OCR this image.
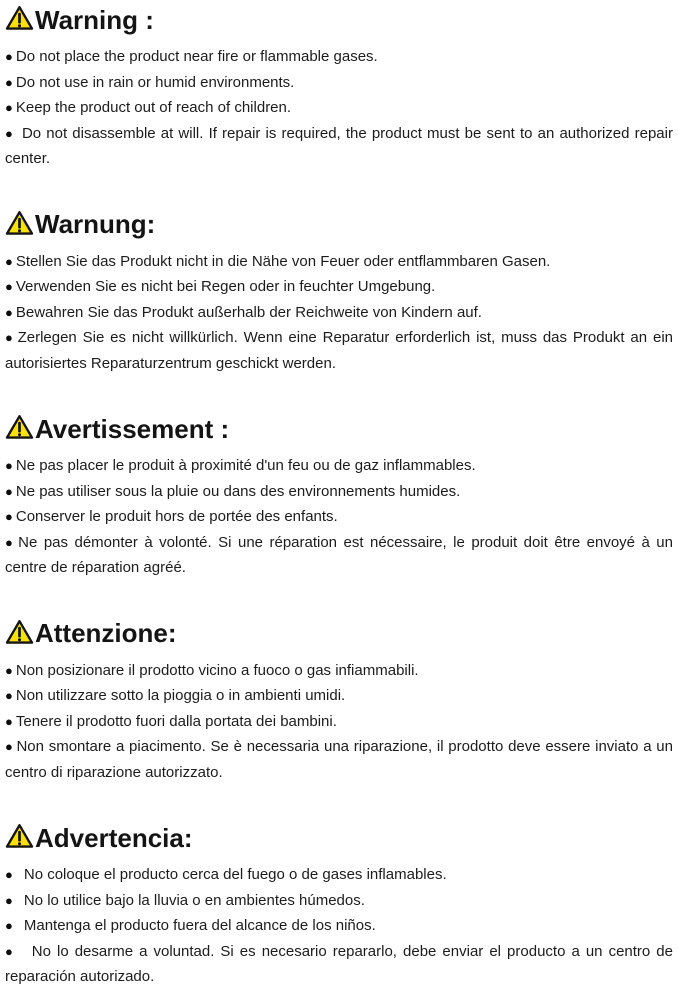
Warning :

● Do not place the product near fire or flammable gases.

● Do not use in rain or humid environments.

● Keep the product out of reach of children.

● Do not disassemble at will. If repair is required, the product must be sent to an authorized repair center.

Warnung:

● Stellen Sie das Produkt nicht in die Nähe von Feuer oder entflammbaren Gasen.

● Verwenden Sie es nicht bei Regen oder in feuchter Umgebung.

● Bewahren Sie das Produkt außerhalb der Reichweite von Kindern auf.

● Zerlegen Sie es nicht willkürlich. Wenn eine Reparatur erforderlich ist, muss das Produkt an ein autorisiertes Reparaturzentrum geschickt werden.

Avertissement :

● Ne pas placer le produit à proximité d'un feu ou de gaz inflammables.

● Ne pas utiliser sous la pluie ou dans des environnements humides.

● Conserver le produit hors de portée des enfants.

● Ne pas démonter à volonté. Si une réparation est nécessaire, le produit doit être envoyé à un centre de réparation agréé.

Attenzione:

● Non posizionare il prodotto vicino a fuoco o gas infiammabili.

● Non utilizzare sotto la pioggia o in ambienti umidi.

● Tenere il prodotto fuori dalla portata dei bambini.

● Non smontare a piacimento. Se è necessaria una riparazione, il prodotto deve essere inviato a un centro di riparazione autorizzato.

Advertencia:

● No coloque el producto cerca del fuego o de gases inflamables.

● No lo utilice bajo la lluvia o en ambientes húmedos.

● Mantenga el producto fuera del alcance de los niños.

● No lo desarme a voluntad. Si es necesario repararlo, debe enviar el producto a un centro de reparación autorizado.
